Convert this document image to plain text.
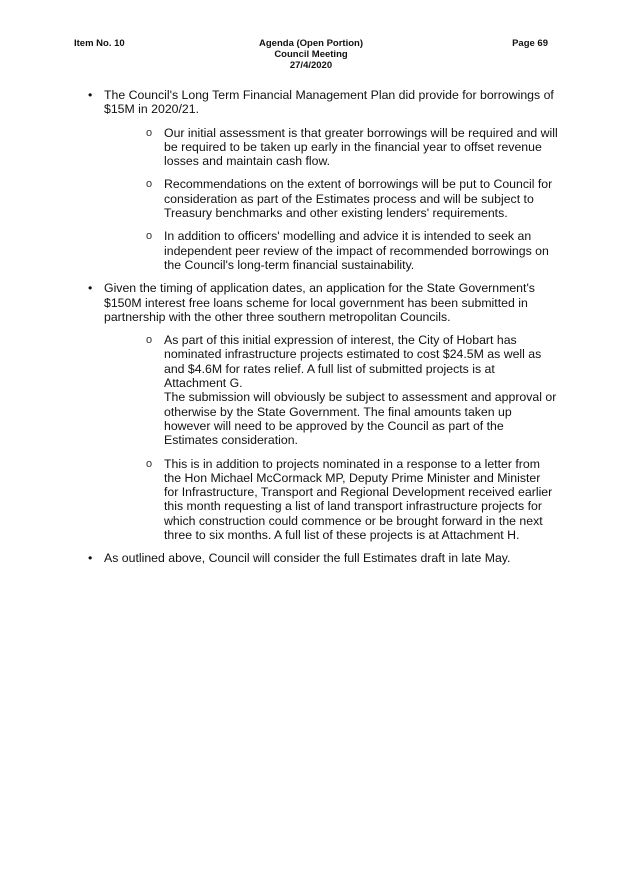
Item No. 10	Agenda (Open Portion)
Council Meeting
27/4/2020
Page 69
• The Council's Long Term Financial Management Plan did provide for borrowings of $15M in 2020/21.

o Our initial assessment is that greater borrowings will be required and will be required to be taken up early in the financial year to offset revenue losses and maintain cash flow.

o Recommendations on the extent of borrowings will be put to Council for consideration as part of the Estimates process and will be subject to Treasury benchmarks and other existing lenders' requirements.

o In addition to officers' modelling and advice it is intended to seek an independent peer review of the impact of recommended borrowings on the Council's long-term financial sustainability.

• Given the timing of application dates, an application for the State Government's $150M interest free loans scheme for local government has been submitted in partnership with the other three southern metropolitan Councils.

o As part of this initial expression of interest, the City of Hobart has nominated infrastructure projects estimated to cost $24.5M as well as and $4.6M for rates relief. A full list of submitted projects is at Attachment G.

The submission will obviously be subject to assessment and approval or otherwise by the State Government. The final amounts taken up however will need to be approved by the Council as part of the Estimates consideration.

o This is in addition to projects nominated in a response to a letter from the Hon Michael McCormack MP, Deputy Prime Minister and Minister for Infrastructure, Transport and Regional Development received earlier this month requesting a list of land transport infrastructure projects for which construction could commence or be brought forward in the next three to six months. A full list of these projects is at Attachment H.

• As outlined above, Council will consider the full Estimates draft in late May.
